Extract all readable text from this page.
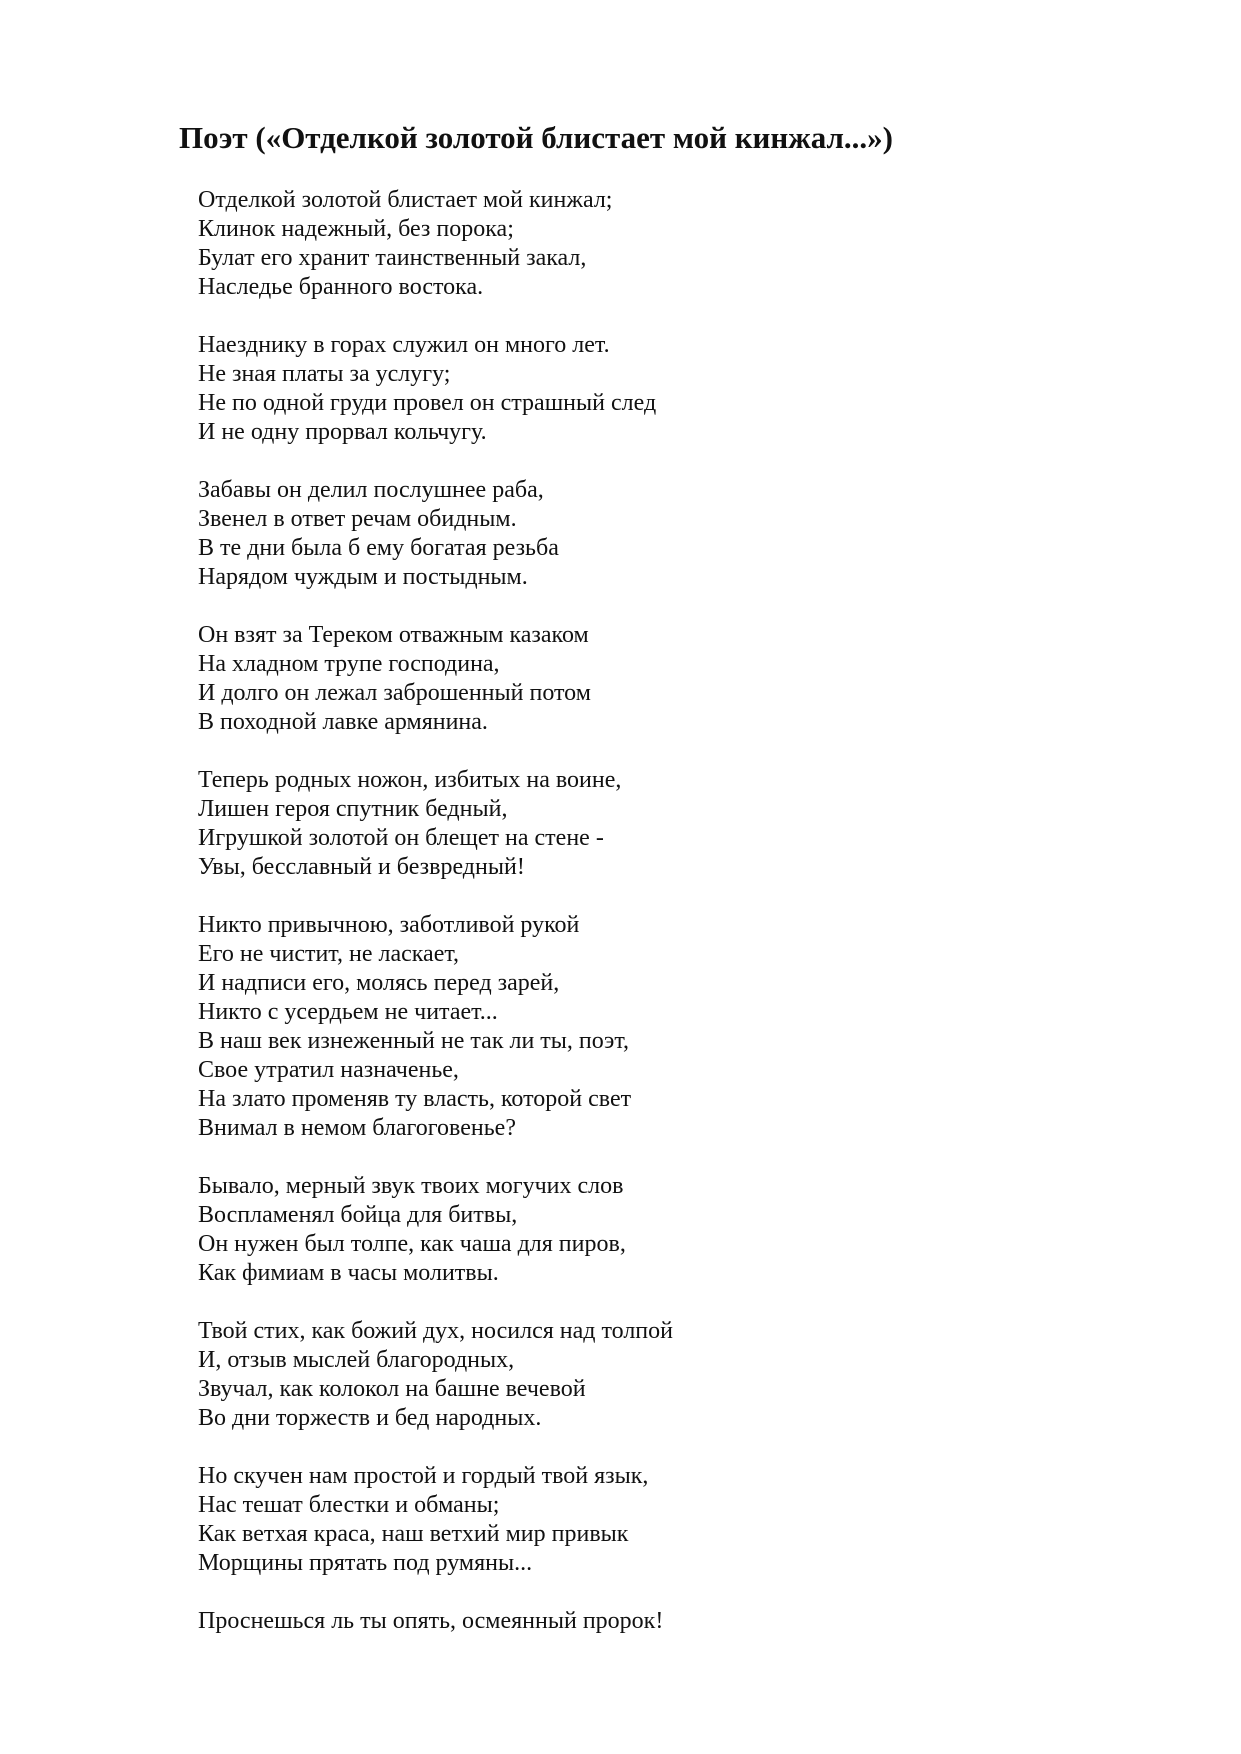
Поэт («Отделкой золотой блистает мой кинжал...»)
Отделкой золотой блистает мой кинжал;
Клинок надежный, без порока;
Булат его хранит таинственный закал,
Наследье бранного востока.
Наезднику в горах служил он много лет.
Не зная платы за услугу;
Не по одной груди провел он страшный след
И не одну прорвал кольчугу.
Забавы он делил послушнее раба,
Звенел в ответ речам обидным.
В те дни была б ему богатая резьба
Нарядом чуждым и постыдным.
Он взят за Тереком отважным казаком
На хладном трупе господина,
И долго он лежал заброшенный потом
В походной лавке армянина.
Теперь родных ножон, избитых на воине,
Лишен героя спутник бедный,
Игрушкой золотой он блещет на стене -
Увы, бесславный и безвредный!
Никто привычною, заботливой рукой
Его не чистит, не ласкает,
И надписи его, молясь перед зарей,
Никто с усердьем не читает...
В наш век изнеженный не так ли ты, поэт,
Свое утратил назначенье,
На злато променяв ту власть, которой свет
Внимал в немом благоговенье?
Бывало, мерный звук твоих могучих слов
Воспламенял бойца для битвы,
Он нужен был толпе, как чаша для пиров,
Как фимиам в часы молитвы.
Твой стих, как божий дух, носился над толпой
И, отзыв мыслей благородных,
Звучал, как колокол на башне вечевой
Во дни торжеств и бед народных.
Но скучен нам простой и гордый твой язык,
Нас тешат блестки и обманы;
Как ветхая краса, наш ветхий мир привык
Морщины прятать под румяны...
Проснешься ль ты опять, осмеянный пророк!
